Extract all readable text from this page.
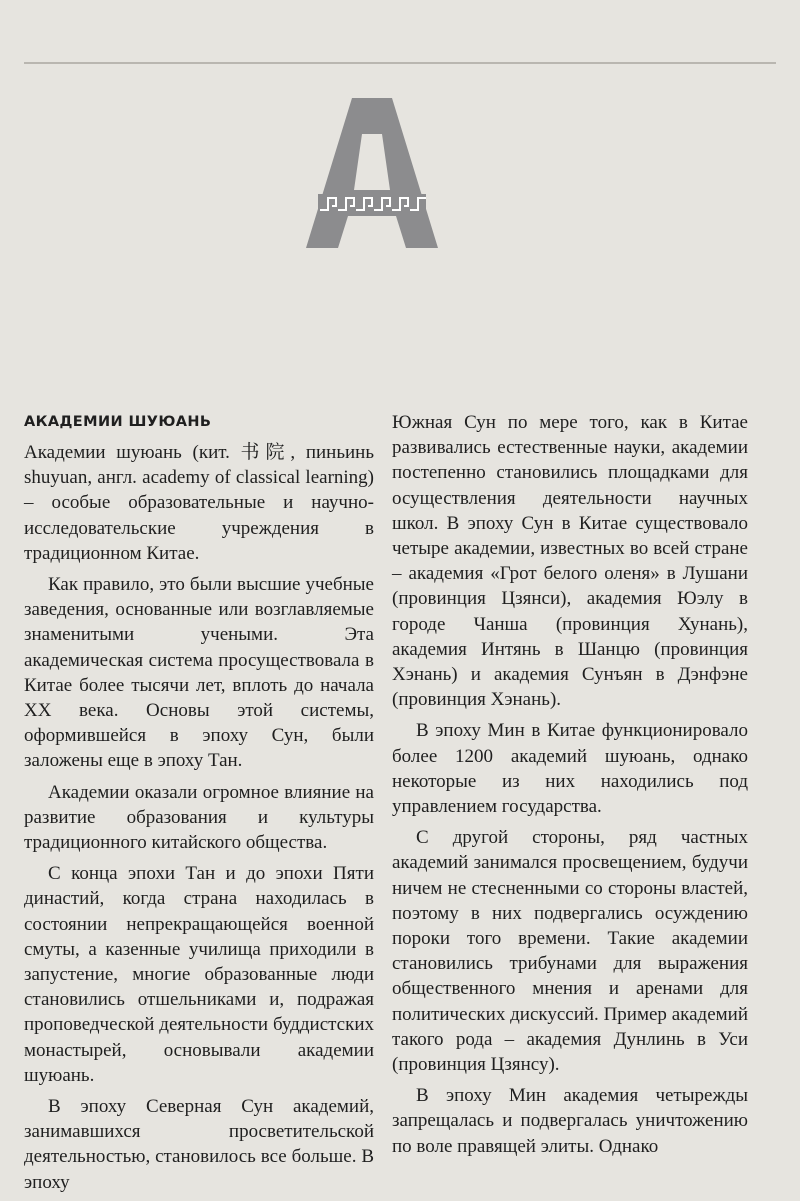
АКАДЕМИИ ШУЮАНЬ

Академии шуюань (кит. 书院, пиньинь shuyuan, англ. academy of classical learning) – особые образовательные и научно-исследовательские учреждения в традиционном Китае.

Как правило, это были высшие учебные заведения, основанные или возглавляемые знаменитыми учеными. Эта академическая система просуществовала в Китае более тысячи лет, вплоть до начала XX века. Основы этой системы, оформившейся в эпоху Сун, были заложены еще в эпоху Тан.

Академии оказали огромное влияние на развитие образования и культуры традиционного китайского общества.

С конца эпохи Тан и до эпохи Пяти династий, когда страна находилась в состоянии непрекращающейся военной смуты, а казенные училища приходили в запустение, многие образованные люди становились отшельниками и, подражая проповедческой деятельности буддистских монастырей, основывали академии шуюань.

В эпоху Северная Сун академий, занимавшихся просветительской деятельностью, становилось все больше. В эпоху

Южная Сун по мере того, как в Китае развивались естественные науки, академии постепенно становились площадками для осуществления деятельности научных школ. В эпоху Сун в Китае существовало четыре академии, известных во всей стране – академия «Грот белого оленя» в Лушани (провинция Цзянси), академия Юэлу в городе Чанша (провинция Хунань), академия Интянь в Шанцю (провинция Хэнань) и академия Сунъян в Дэнфэне (провинция Хэнань).

В эпоху Мин в Китае функционировало более 1200 академий шуюань, однако некоторые из них находились под управлением государства.

С другой стороны, ряд частных академий занимался просвещением, будучи ничем не стесненными со стороны властей, поэтому в них подвергались осуждению пороки того времени. Такие академии становились трибунами для выражения общественного мнения и аренами для политических дискуссий. Пример академий такого рода – академия Дунлинь в Уси (провинция Цзянсу).

В эпоху Мин академия четырежды запрещалась и подвергалась уничтожению по воле правящей элиты. Однако
